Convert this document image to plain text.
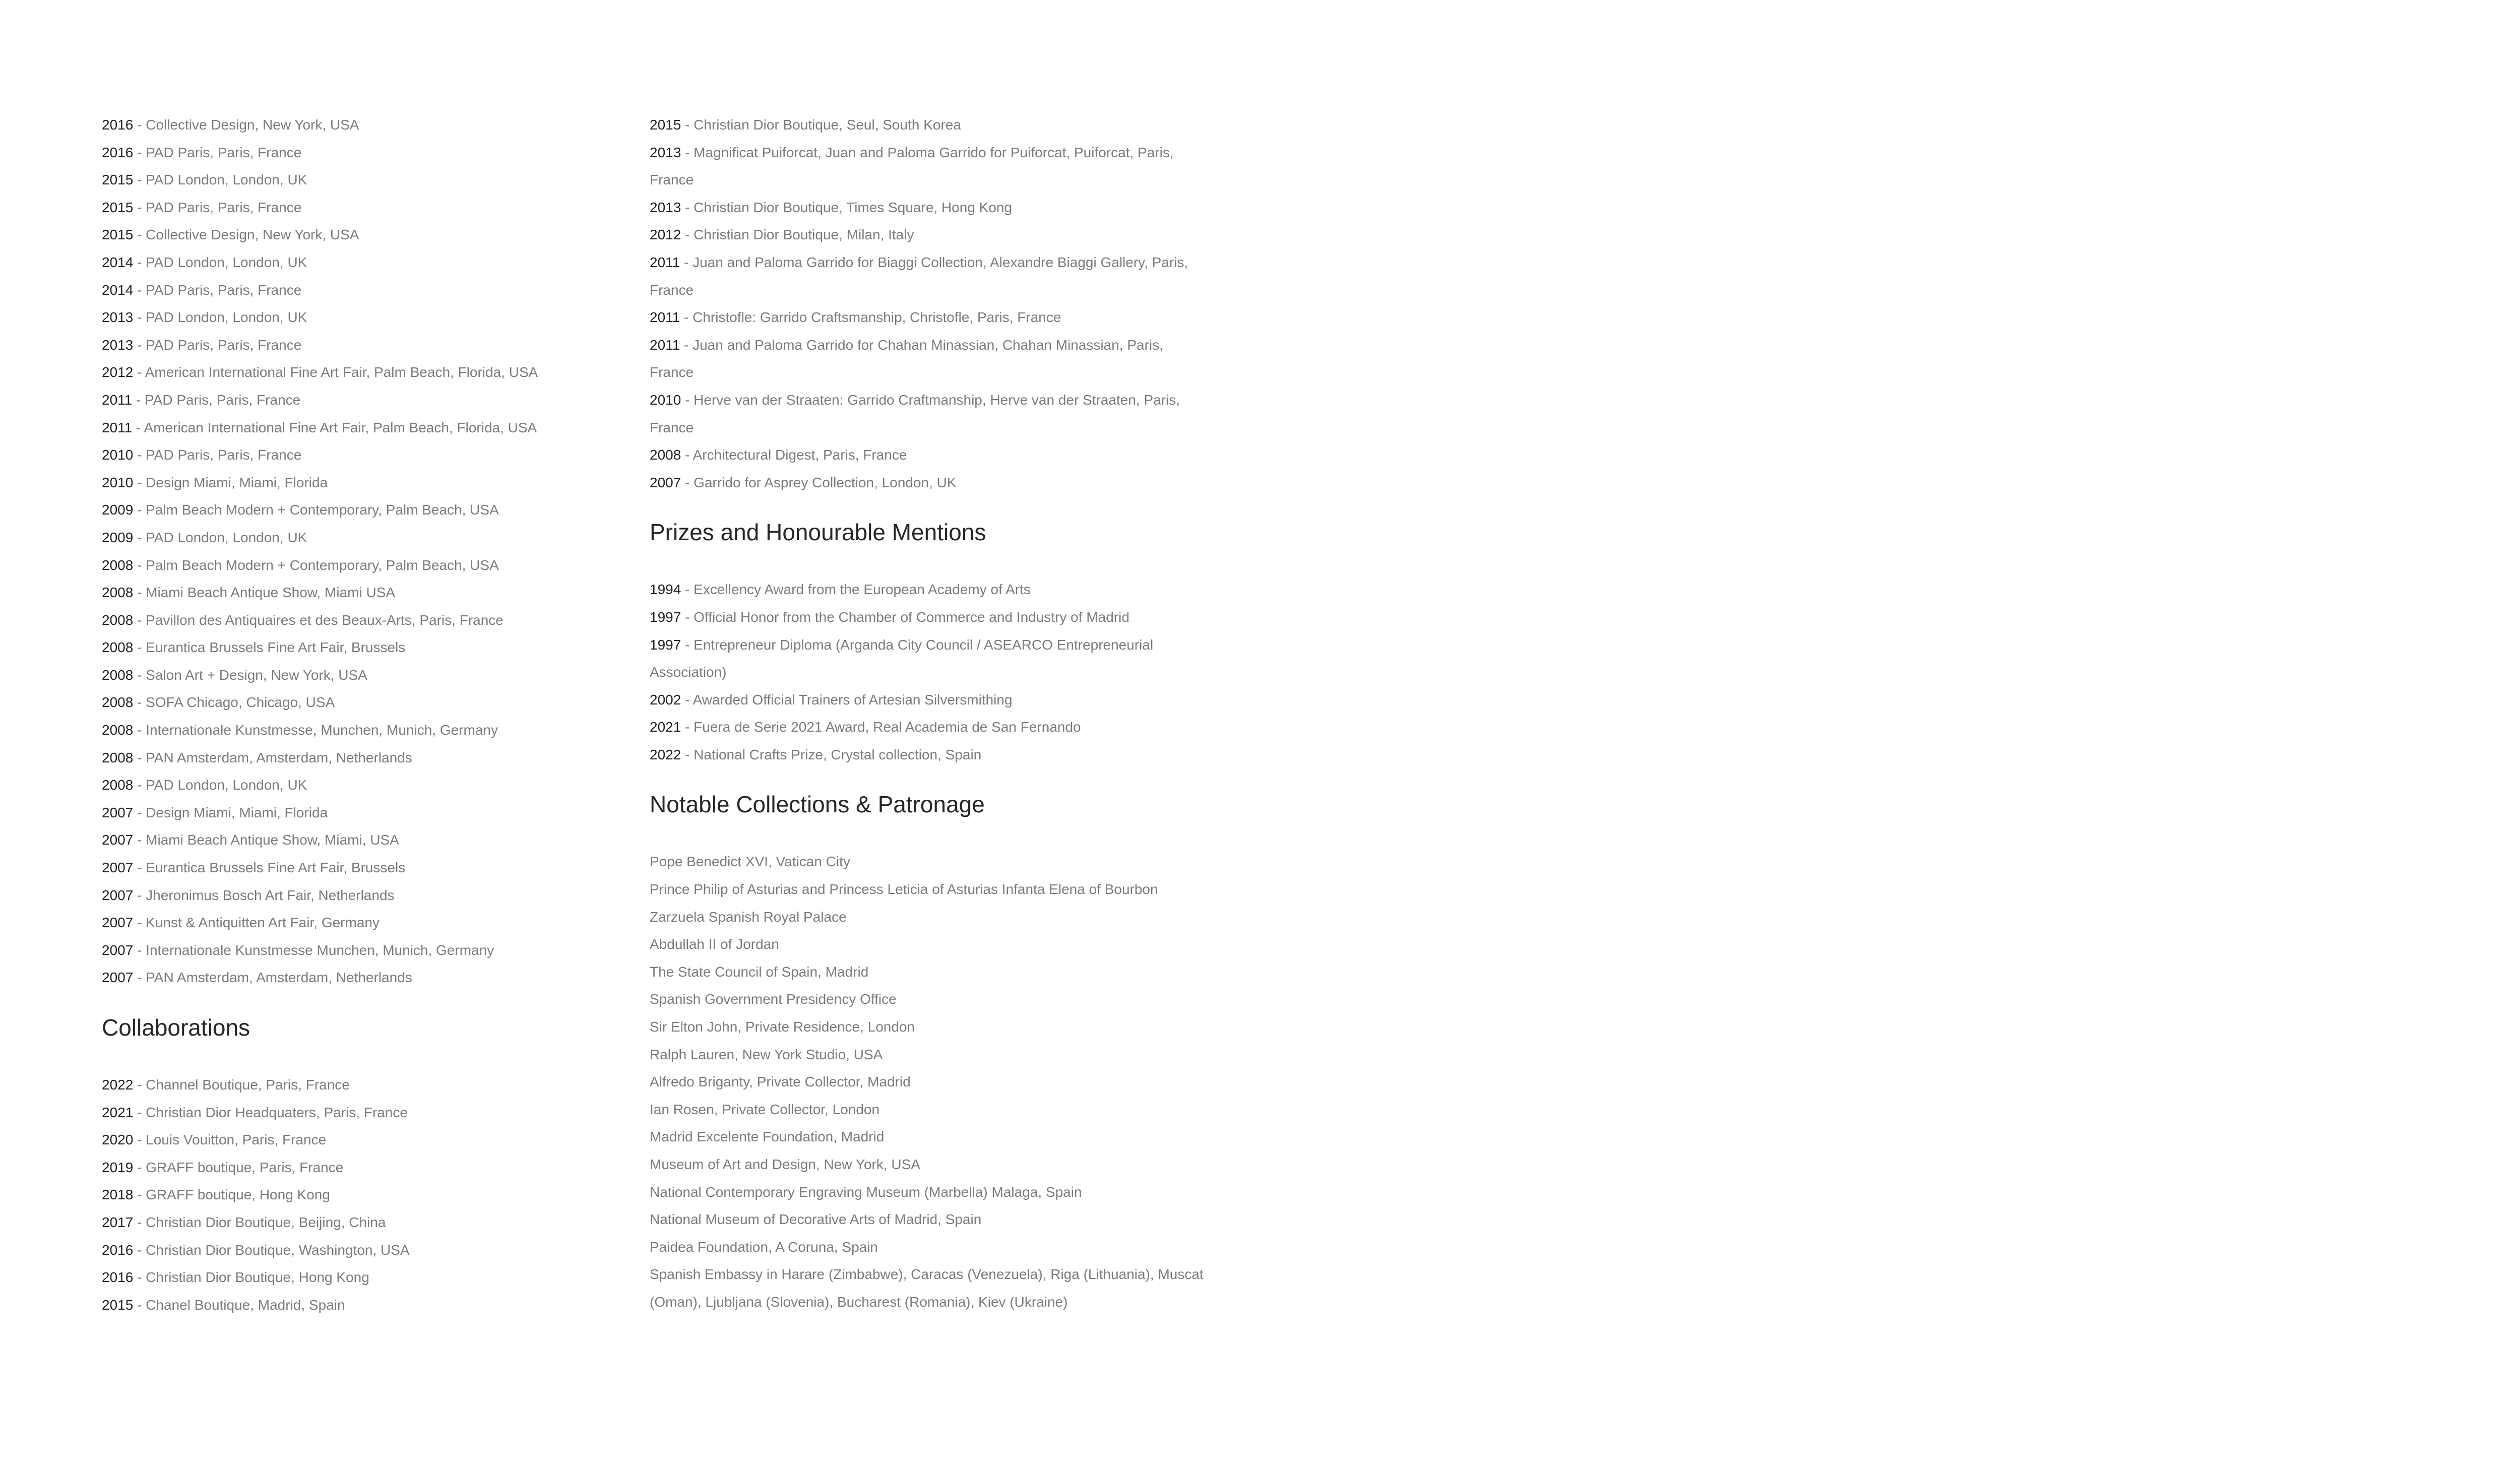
2016 - Collective Design, New York, USA
2016 - PAD Paris, Paris, France
2015 - PAD London, London, UK
2015 - PAD Paris, Paris, France
2015 - Collective Design, New York, USA
2014 - PAD London, London, UK
2014 - PAD Paris, Paris, France
2013 - PAD London, London, UK
2013 - PAD Paris, Paris, France
2012 - American International Fine Art Fair, Palm Beach, Florida, USA
2011 - PAD Paris, Paris, France
2011 - American International Fine Art Fair, Palm Beach, Florida, USA
2010 - PAD Paris, Paris, France
2010 - Design Miami, Miami, Florida
2009 - Palm Beach Modern + Contemporary, Palm Beach, USA
2009 - PAD London, London, UK
2008 - Palm Beach Modern + Contemporary, Palm Beach, USA
2008 - Miami Beach Antique Show, Miami USA
2008 - Pavillon des Antiquaires et des Beaux-Arts, Paris, France
2008 - Eurantica Brussels Fine Art Fair, Brussels
2008 - Salon Art + Design, New York, USA
2008 - SOFA Chicago, Chicago, USA
2008 - Internationale Kunstmesse, Munchen, Munich, Germany
2008 - PAN Amsterdam, Amsterdam, Netherlands
2008 - PAD London, London, UK
2007 - Design Miami, Miami, Florida
2007 - Miami Beach Antique Show, Miami, USA
2007 - Eurantica Brussels Fine Art Fair, Brussels
2007 - Jheronimus Bosch Art Fair, Netherlands
2007 - Kunst & Antiquitten Art Fair, Germany
2007 - Internationale Kunstmesse Munchen, Munich, Germany
2007 - PAN Amsterdam, Amsterdam, Netherlands
Collaborations
2022 - Channel Boutique, Paris, France
2021 - Christian Dior Headquaters, Paris, France
2020 - Louis Vouitton, Paris, France
2019 - GRAFF boutique, Paris, France
2018 - GRAFF boutique, Hong Kong
2017 - Christian Dior Boutique, Beijing, China
2016 - Christian Dior Boutique, Washington, USA
2016 - Christian Dior Boutique, Hong Kong
2015 - Chanel Boutique, Madrid, Spain
2015 - Christian Dior Boutique, Seul, South Korea
2013 - Magnificat Puiforcat, Juan and Paloma Garrido for Puiforcat, Puiforcat, Paris, France
2013 - Christian Dior Boutique, Times Square, Hong Kong
2012 - Christian Dior Boutique, Milan, Italy
2011 - Juan and Paloma Garrido for Biaggi Collection, Alexandre Biaggi Gallery, Paris, France
2011 - Christofle: Garrido Craftsmanship, Christofle, Paris, France
2011 - Juan and Paloma Garrido for Chahan Minassian, Chahan Minassian, Paris, France
2010 - Herve van der Straaten: Garrido Craftmanship, Herve van der Straaten, Paris, France
2008 - Architectural Digest, Paris, France
2007 - Garrido for Asprey Collection, London, UK
Prizes and Honourable Mentions
1994 - Excellency Award from the European Academy of Arts
1997 - Official Honor from the Chamber of Commerce and Industry of Madrid
1997 - Entrepreneur Diploma (Arganda City Council / ASEARCO Entrepreneurial Association)
2002 - Awarded Official Trainers of Artesian Silversmithing
2021 - Fuera de Serie 2021 Award, Real Academia de San Fernando
2022 - National Crafts Prize, Crystal collection, Spain
Notable Collections & Patronage
Pope Benedict XVI, Vatican City
Prince Philip of Asturias and Princess Leticia of Asturias Infanta Elena of Bourbon
Zarzuela Spanish Royal Palace
Abdullah II of Jordan
The State Council of Spain, Madrid
Spanish Government Presidency Office
Sir Elton John, Private Residence, London
Ralph Lauren, New York Studio, USA
Alfredo Briganty, Private Collector, Madrid
Ian Rosen, Private Collector, London
Madrid Excelente Foundation, Madrid
Museum of Art and Design, New York, USA
National Contemporary Engraving Museum (Marbella) Malaga, Spain
National Museum of Decorative Arts of Madrid, Spain
Paidea Foundation, A Coruna, Spain
Spanish Embassy in Harare (Zimbabwe), Caracas (Venezuela), Riga (Lithuania), Muscat (Oman), Ljubljana (Slovenia), Bucharest (Romania), Kiev (Ukraine)
